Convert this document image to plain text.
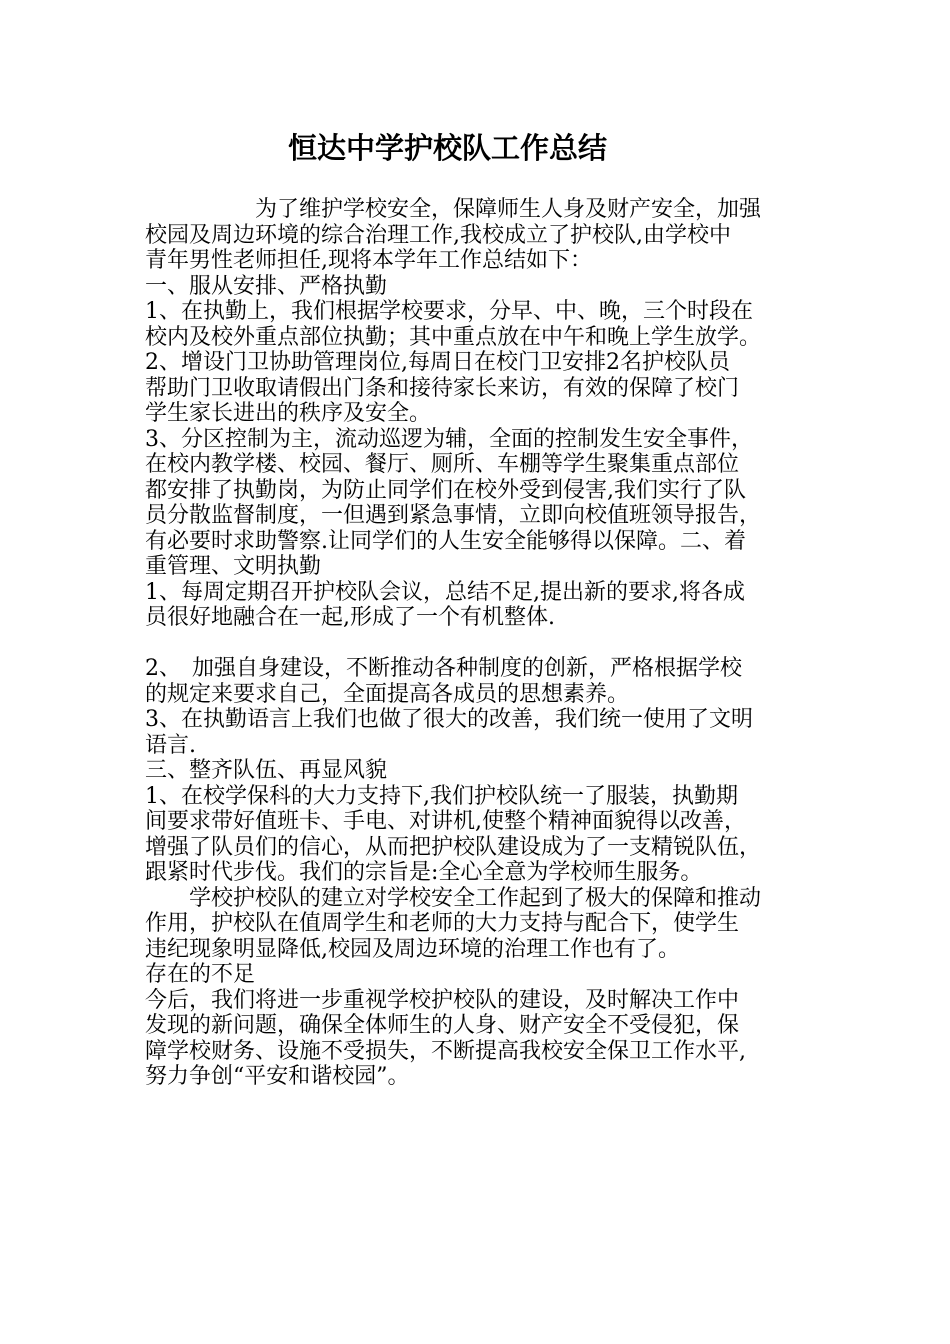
恒达中学护校队工作总结
　　　　　为了维护学校安全，保障师生人身及财产安全，加强
校园及周边环境的综合治理工作,我校成立了护校队,由学校中
青年男性老师担任,现将本学年工作总结如下：
一、服从安排、严格执勤
1、在执勤上，我们根据学校要求，分早、中、晚，三个时段在
校内及校外重点部位执勤；其中重点放在中午和晚上学生放学。
2、增设门卫协助管理岗位,每周日在校门卫安排2名护校队员
帮助门卫收取请假出门条和接待家长来访，有效的保障了校门
学生家长进出的秩序及安全。
3、分区控制为主，流动巡逻为辅，全面的控制发生安全事件，
在校内教学楼、校园、餐厅、厕所、车棚等学生聚集重点部位
都安排了执勤岗，为防止同学们在校外受到侵害,我们实行了队
员分散监督制度，一但遇到紧急事情，立即向校值班领导报告，
有必要时求助警察.让同学们的人生安全能够得以保障。二、着
重管理、文明执勤
1、每周定期召开护校队会议，总结不足,提出新的要求,将各成
员很好地融合在一起,形成了一个有机整体.
2、　加强自身建设，不断推动各种制度的创新，严格根据学校
的规定来要求自己，全面提高各成员的思想素养。
3、在执勤语言上我们也做了很大的改善，我们统一使用了文明
语言.
三、整齐队伍、再显风貌
1、在校学保科的大力支持下,我们护校队统一了服装，执勤期
间要求带好值班卡、手电、对讲机,使整个精神面貌得以改善，
增强了队员们的信心，从而把护校队建设成为了一支精锐队伍，
跟紧时代步伐。我们的宗旨是:全心全意为学校师生服务。
　　学校护校队的建立对学校安全工作起到了极大的保障和推动
作用，护校队在值周学生和老师的大力支持与配合下，使学生
违纪现象明显降低,校园及周边环境的治理工作也有了。
存在的不足
今后，我们将进一步重视学校护校队的建设，及时解决工作中
发现的新问题，确保全体师生的人身、财产安全不受侵犯，保
障学校财务、设施不受损失，不断提高我校安全保卫工作水平,
努力争创“平安和谐校园”。
